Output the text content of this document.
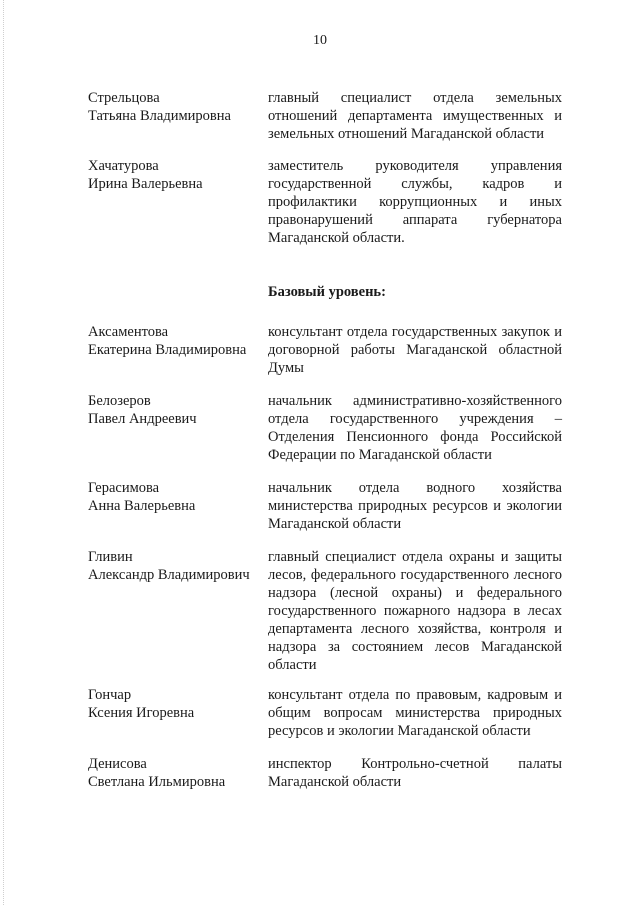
10
Стрельцова
Татьяна Владимировна
главный специалист отдела земельных отношений департамента имущественных и земельных отношений Магаданской области
Хачатурова
Ирина Валерьевна
заместитель руководителя управления государственной службы, кадров и профилактики коррупционных и иных правонарушений аппарата губернатора Магаданской области.
Базовый уровень:
Аксаментова
Екатерина Владимировна
консультант отдела государственных закупок и договорной работы Магаданской областной Думы
Белозеров
Павел Андреевич
начальник административно-хозяйственного отдела государственного учреждения – Отделения Пенсионного фонда Российской Федерации по Магаданской области
Герасимова
Анна Валерьевна
начальник отдела водного хозяйства министерства природных ресурсов и экологии Магаданской области
Гливин
Александр Владимирович
главный специалист отдела охраны и защиты лесов, федерального государственного лесного надзора (лесной охраны) и федерального государственного пожарного надзора в лесах департамента лесного хозяйства, контроля и надзора за состоянием лесов Магаданской области
Гончар
Ксения Игоревна
консультант отдела по правовым, кадровым и общим вопросам министерства природных ресурсов и экологии Магаданской области
Денисова
Светлана Ильмировна
инспектор Контрольно-счетной палаты Магаданской области
